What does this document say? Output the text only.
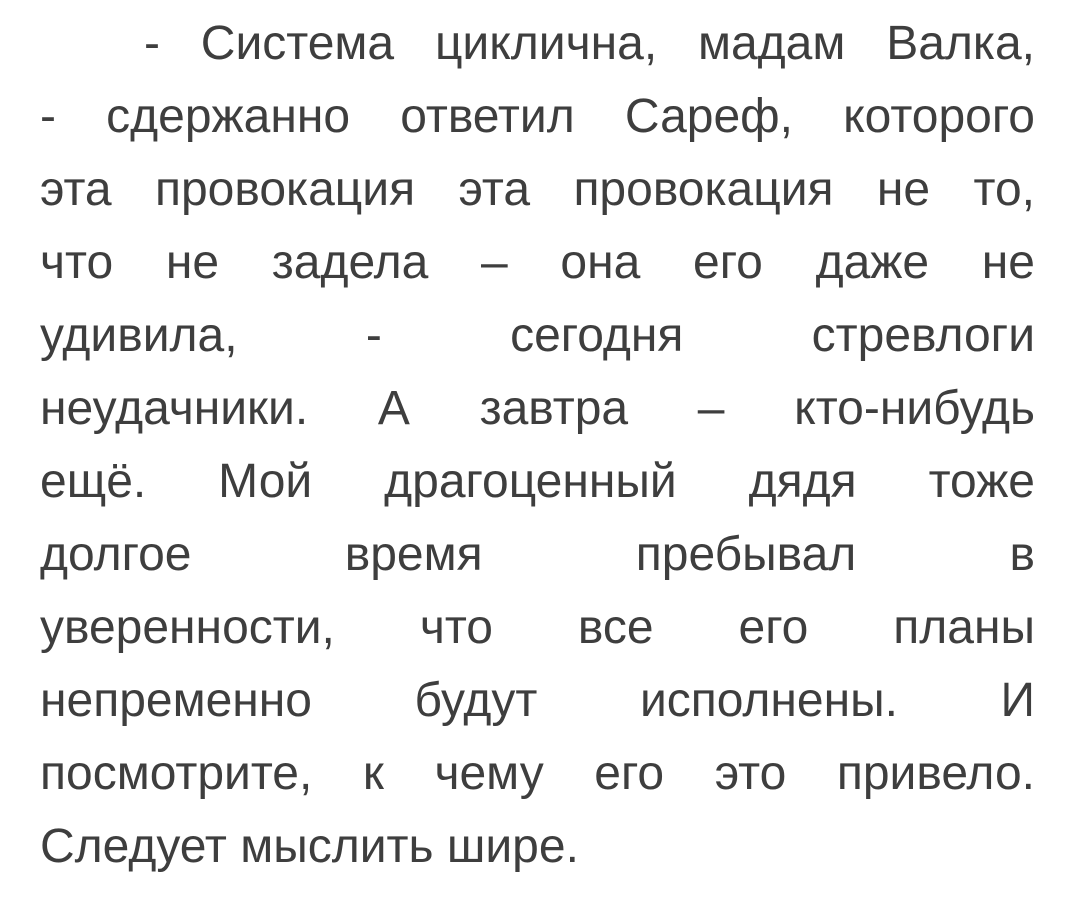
- Система циклична, мадам Валка,
- сдержанно ответил Сареф, которого
эта провокация эта провокация не то,
что не задела – она его даже не
удивила, - сегодня стревлоги
неудачники. А завтра – кто-нибудь
ещё. Мой драгоценный дядя тоже
долгое время пребывал в
уверенности, что все его планы
непременно будут исполнены. И
посмотрите, к чему его это привело.
Следует мыслить шире.
